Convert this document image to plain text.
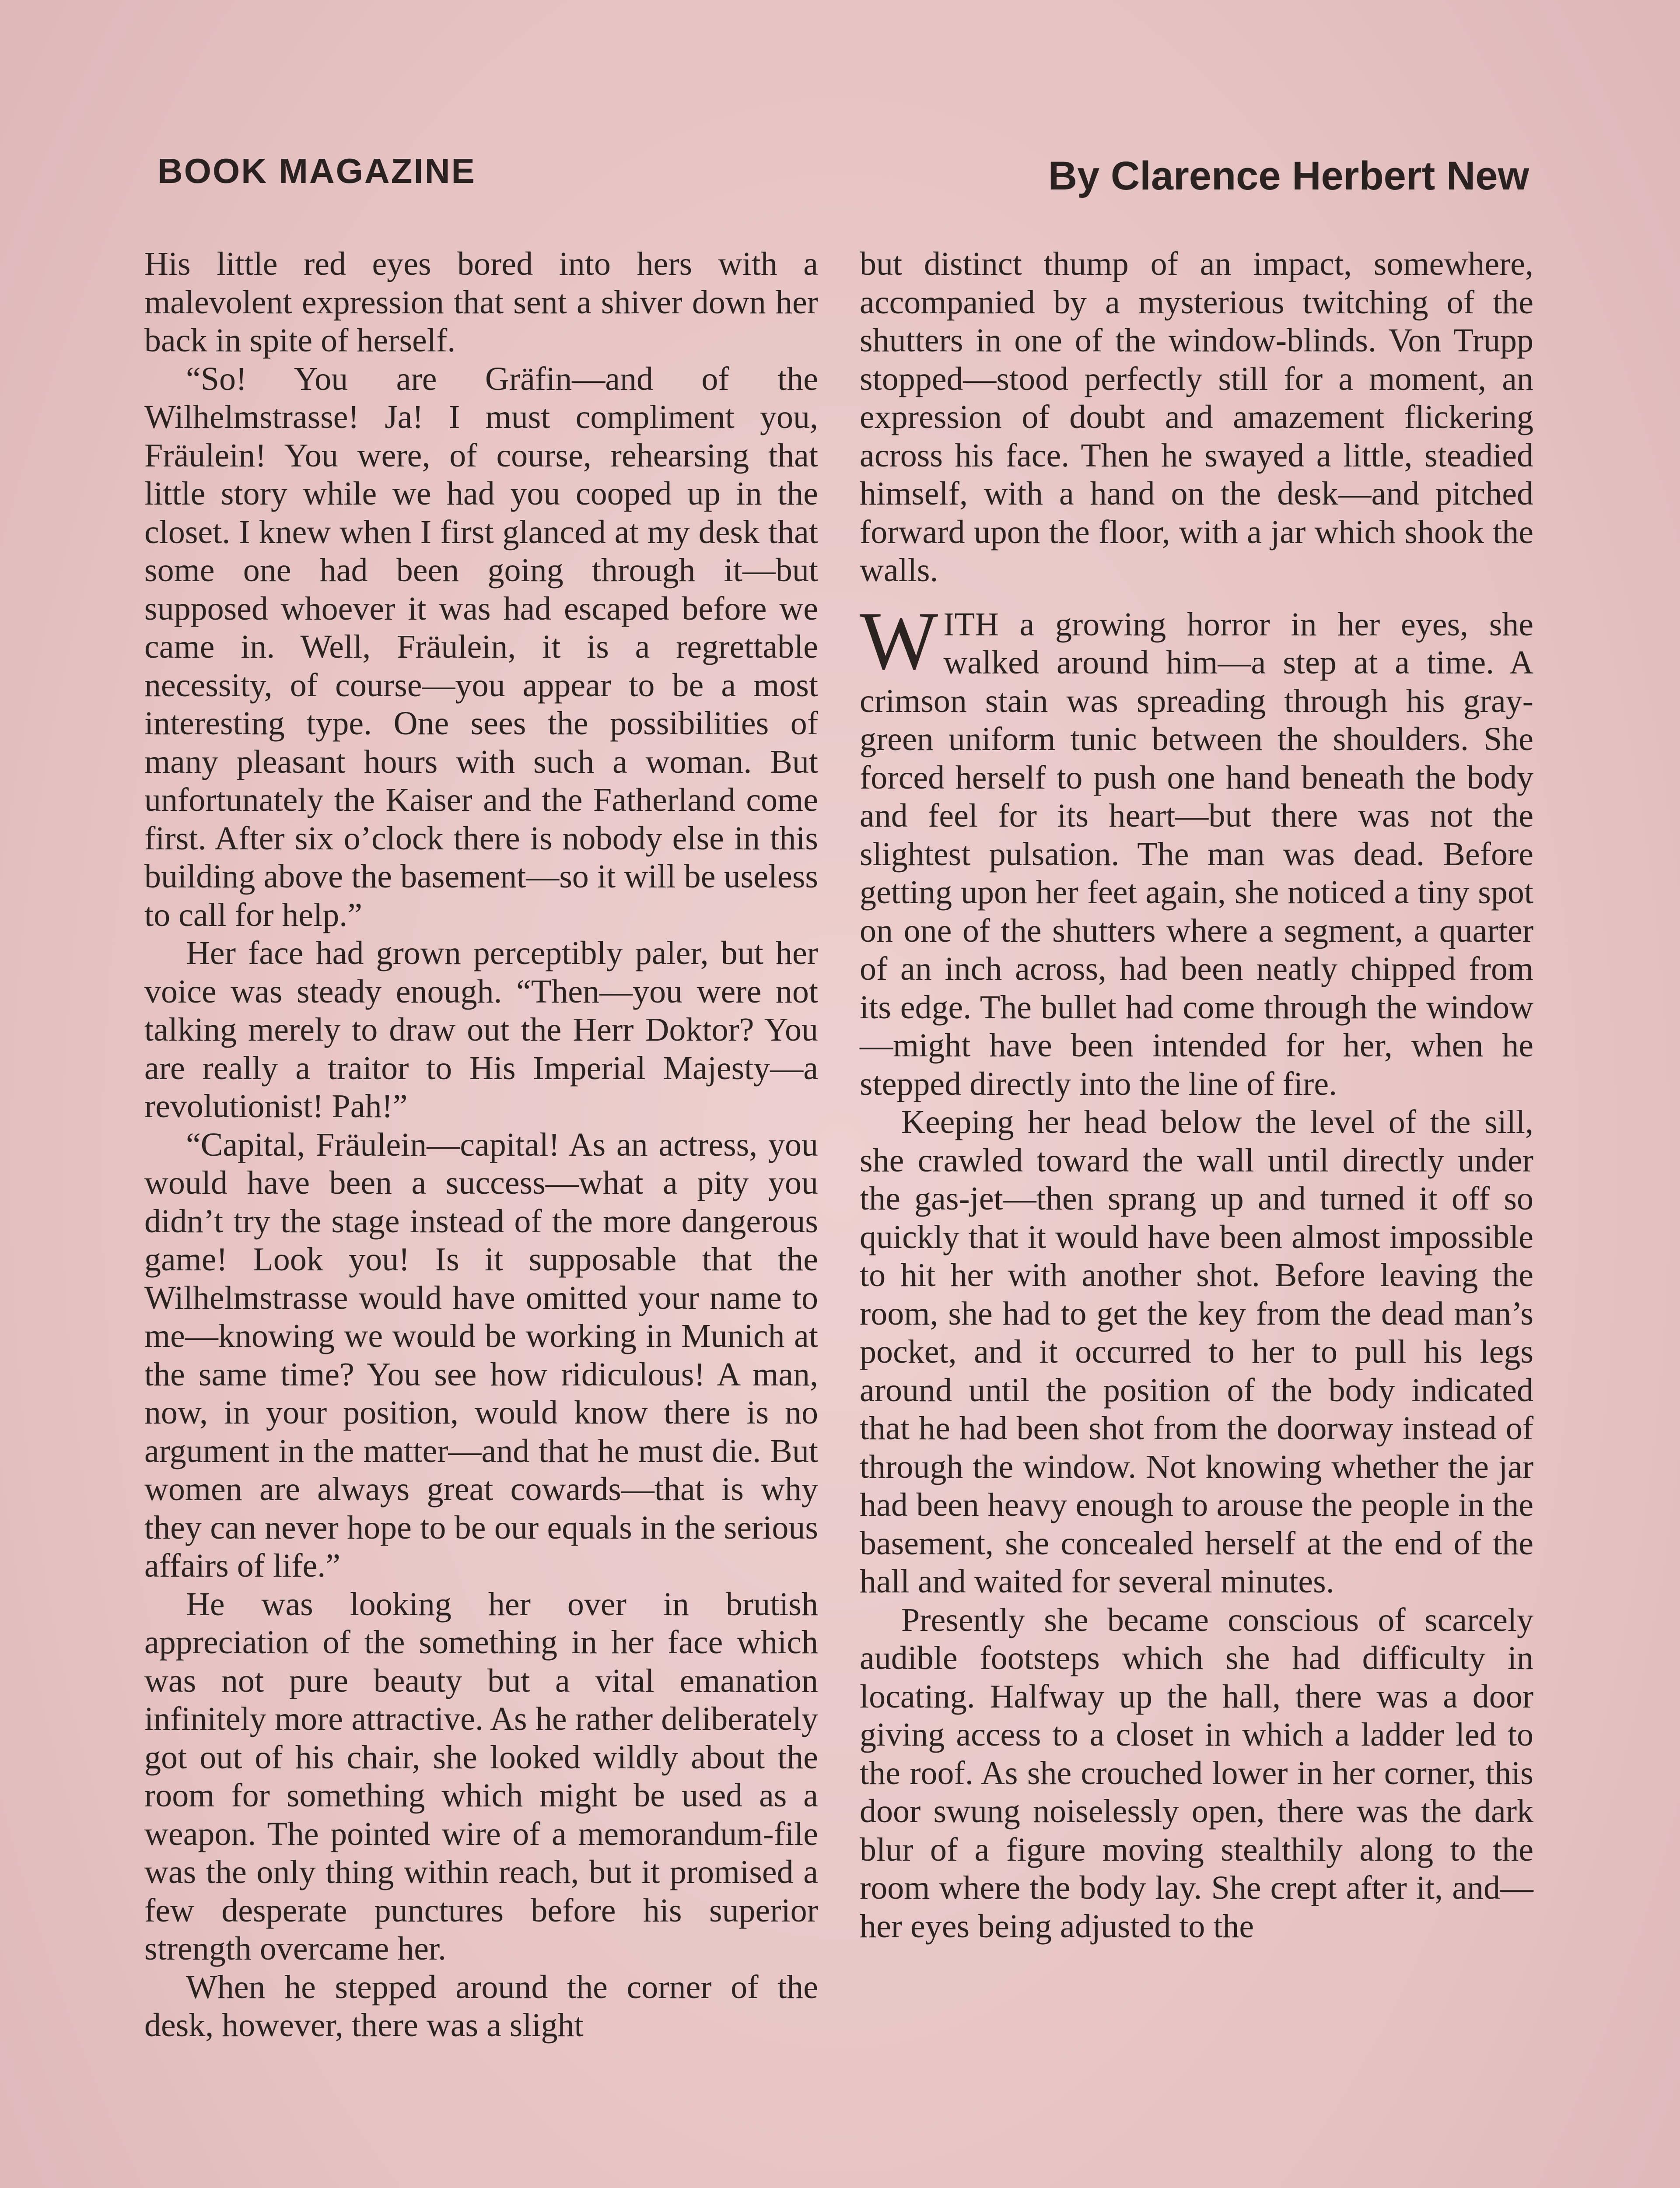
BOOK MAGAZINE	By Clarence Herbert New

His little red eyes bored into hers with a malevolent expression that sent a shiver down her back in spite of herself.

“So! You are Gräfin—and of the Wilhelmstrasse! Ja! I must compliment you, Fräulein! You were, of course, rehearsing that little story while we had you cooped up in the closet. I knew when I first glanced at my desk that some one had been going through it—but supposed whoever it was had escaped before we came in. Well, Fräulein, it is a regrettable necessity, of course—you appear to be a most interesting type. One sees the possibilities of many pleasant hours with such a woman. But unfortunately the Kaiser and the Fatherland come first. After six o’clock there is nobody else in this building above the basement—so it will be useless to call for help.”

Her face had grown perceptibly paler, but her voice was steady enough. “Then—you were not talking merely to draw out the Herr Doktor? You are really a traitor to His Imperial Majesty—a revolutionist! Pah!”

“Capital, Fräulein—capital! As an actress, you would have been a success—what a pity you didn’t try the stage instead of the more dangerous game! Look you! Is it supposable that the Wilhelmstrasse would have omitted your name to me—knowing we would be working in Munich at the same time? You see how ridiculous! A man, now, in your position, would know there is no argument in the matter—and that he must die. But women are always great cowards—that is why they can never hope to be our equals in the serious affairs of life.”

He was looking her over in brutish appreciation of the something in her face which was not pure beauty but a vital emanation infinitely more attractive. As he rather deliberately got out of his chair, she looked wildly about the room for something which might be used as a weapon. The pointed wire of a memorandum-file was the only thing within reach, but it promised a few desperate punctures before his superior strength overcame her.

When he stepped around the corner of the desk, however, there was a slight

but distinct thump of an impact, somewhere, accompanied by a mysterious twitching of the shutters in one of the window-blinds. Von Trupp stopped—stood perfectly still for a moment, an expression of doubt and amazement flickering across his face. Then he swayed a little, steadied himself, with a hand on the desk—and pitched forward upon the floor, with a jar which shook the walls.

WITH a growing horror in her eyes, she walked around him—a step at a time. A crimson stain was spreading through his gray-green uniform tunic between the shoulders. She forced herself to push one hand beneath the body and feel for its heart—but there was not the slightest pulsation. The man was dead. Before getting upon her feet again, she noticed a tiny spot on one of the shutters where a segment, a quarter of an inch across, had been neatly chipped from its edge. The bullet had come through the window—might have been intended for her, when he stepped directly into the line of fire.

Keeping her head below the level of the sill, she crawled toward the wall until directly under the gas-jet—then sprang up and turned it off so quickly that it would have been almost impossible to hit her with another shot. Before leaving the room, she had to get the key from the dead man’s pocket, and it occurred to her to pull his legs around until the position of the body indicated that he had been shot from the doorway instead of through the window. Not knowing whether the jar had been heavy enough to arouse the people in the basement, she concealed herself at the end of the hall and waited for several minutes.

Presently she became conscious of scarcely audible footsteps which she had difficulty in locating. Halfway up the hall, there was a door giving access to a closet in which a ladder led to the roof. As she crouched lower in her corner, this door swung noiselessly open, there was the dark blur of a figure moving stealthily along to the room where the body lay. She crept after it, and—her eyes being adjusted to the
